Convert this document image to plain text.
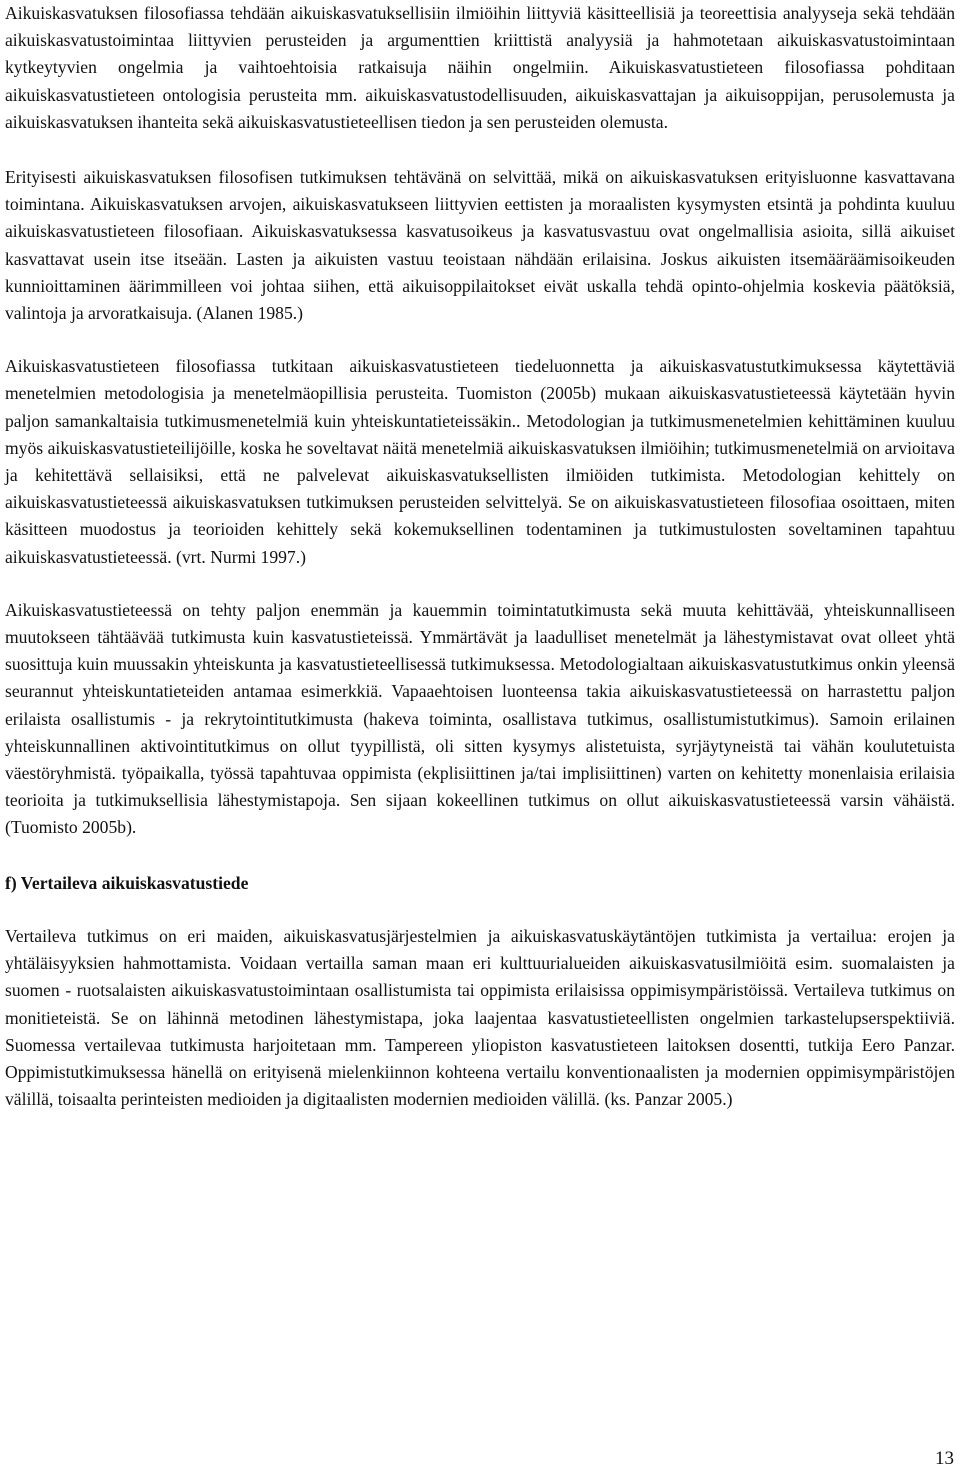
Aikuiskasvatuksen filosofiassa tehdään aikuiskasvatuksellisiin ilmiöihin liittyviä käsitteellisiä ja teoreettisia analyyseja sekä tehdään aikuiskasvatustoimintaa liittyvien perusteiden ja argumenttien kriittistä analyysiä ja hahmotetaan aikuiskasvatustoimintaan kytkeytyvien ongelmia ja vaihtoehtoisia ratkaisuja näihin ongelmiin. Aikuiskasvatustieteen filosofiassa pohditaan aikuiskasvatustieteen ontologisia perusteita mm. aikuiskasvatustodellisuuden, aikuiskasvattajan ja aikuisoppijan, perusolemusta ja aikuiskasvatuksen ihanteita sekä aikuiskasvatustieteellisen tiedon ja sen perusteiden olemusta.

Erityisesti aikuiskasvatuksen filosofisen tutkimuksen tehtävänä on selvittää, mikä on aikuiskasvatuksen erityisluonne kasvattavana toimintana. Aikuiskasvatuksen arvojen, aikuiskasvatukseen liittyvien eettisten ja moraalisten kysymysten etsintä ja pohdinta kuuluu aikuiskasvatustieteen filosofiaan. Aikuiskasvatuksessa kasvatusoikeus ja kasvatusvastuu ovat ongelmallisia asioita, sillä aikuiset kasvattavat usein itse itseään. Lasten ja aikuisten vastuu teoistaan nähdään erilaisina. Joskus aikuisten itsemääräämisoikeuden kunnioittaminen äärimmilleen voi johtaa siihen, että aikuisoppilaitokset eivät uskalla tehdä opinto-ohjelmia koskevia päätöksiä, valintoja ja arvoratkaisuja. (Alanen 1985.)

Aikuiskasvatustieteen filosofiassa tutkitaan aikuiskasvatustieteen tiedeluonnetta ja aikuiskasvatustutkimuksessa käytettäviä menetelmien metodologisia ja menetelmäopillisia perusteita. Tuomiston (2005b) mukaan aikuiskasvatustieteessä käytetään hyvin paljon samankaltaisia tutkimusmenetelmiä kuin yhteiskuntatieteissäkin.. Metodologian ja tutkimusmenetelmien kehittäminen kuuluu myös aikuiskasvatustieteilijöille, koska he soveltavat näitä menetelmiä aikuiskasvatuksen ilmiöihin; tutkimusmenetelmiä on arvioitava ja kehitettävä sellaisiksi, että ne palvelevat aikuiskasvatuksellisten ilmiöiden tutkimista. Metodologian kehittely on aikuiskasvatustieteessä aikuiskasvatuksen tutkimuksen perusteiden selvittelyä. Se on aikuiskasvatustieteen filosofiaa osoittaen, miten käsitteen muodostus ja teorioiden kehittely sekä kokemuksellinen todentaminen ja tutkimustulosten soveltaminen tapahtuu aikuiskasvatustieteessä. (vrt. Nurmi 1997.)

Aikuiskasvatustieteessä on tehty paljon enemmän ja kauemmin toimintatutkimusta sekä muuta kehittävää, yhteiskunnalliseen muutokseen tähtäävää tutkimusta kuin kasvatustieteissä. Ymmärtävät ja laadulliset menetelmät ja lähestymistavat ovat olleet yhtä suosittuja kuin muussakin yhteiskunta ja kasvatustieteellisessä tutkimuksessa. Metodologialtaan aikuiskasvatustutkimus onkin yleensä seurannut yhteiskuntatieteiden antamaa esimerkkiä. Vapaaehtoisen luonteensa takia aikuiskasvatustieteessä on harrastettu paljon erilaista osallistumis - ja rekrytointitutkimusta (hakeva toiminta, osallistava tutkimus, osallistumistutkimus). Samoin erilainen yhteiskunnallinen aktivointitutkimus on ollut tyypillistä, oli sitten kysymys alistetuista, syrjäytyneistä tai vähän koulutetuista väestöryhmistä. työpaikalla, työssä tapahtuvaa oppimista (ekplisiittinen ja/tai implisiittinen) varten on kehitetty monenlaisia erilaisia teorioita ja tutkimuksellisia lähestymistapoja. Sen sijaan kokeellinen tutkimus on ollut aikuiskasvatustieteessä varsin vähäistä. (Tuomisto 2005b).

f) Vertaileva aikuiskasvatustiede

Vertaileva tutkimus on eri maiden, aikuiskasvatusjärjestelmien ja aikuiskasvatuskäytäntöjen tutkimista ja vertailua: erojen ja yhtäläisyyksien hahmottamista. Voidaan vertailla saman maan eri kulttuurialueiden aikuiskasvatusilmiöitä esim. suomalaisten ja suomen - ruotsalaisten aikuiskasvatustoimintaan osallistumista tai oppimista erilaisissa oppimisympäristöissä. Vertaileva tutkimus on monitieteistä. Se on lähinnä metodinen lähestymistapa, joka laajentaa kasvatustieteellisten ongelmien tarkastelupserspektiiviä. Suomessa vertailevaa tutkimusta harjoitetaan mm. Tampereen yliopiston kasvatustieteen laitoksen dosentti, tutkija Eero Panzar. Oppimistutkimuksessa hänellä on erityisenä mielenkiinnon kohteena vertailu konventionaalisten ja modernien oppimisympäristöjen välillä, toisaalta perinteisten medioiden ja digitaalisten modernien medioiden välillä. (ks. Panzar 2005.)

13
